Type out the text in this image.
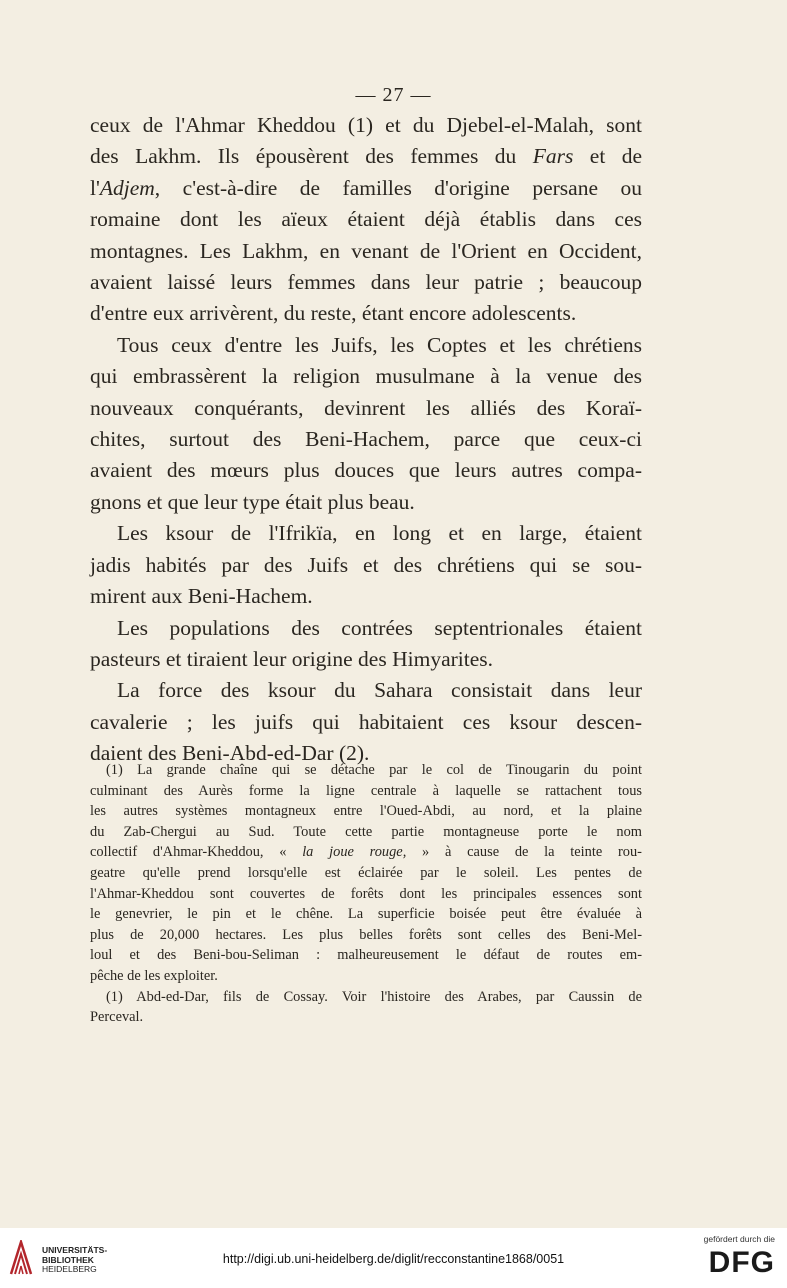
— 27 —

ceux de l'Ahmar Kheddou (1) et du Djebel-el-Malah, sont
des Lakhm. Ils épousèrent des femmes du Fars et de
l'Adjem, c'est-à-dire de familles d'origine persane ou
romaine dont les aïeux étaient déjà établis dans ces
montagnes. Les Lakhm, en venant de l'Orient en Occident,
avaient laissé leurs femmes dans leur patrie ; beaucoup
d'entre eux arrivèrent, du reste, étant encore adolescents.

Tous ceux d'entre les Juifs, les Coptes et les chrétiens
qui embrassèrent la religion musulmane à la venue des
nouveaux conquérants, devinrent les alliés des Koraï-
chites, surtout des Beni-Hachem, parce que ceux-ci
avaient des mœurs plus douces que leurs autres compa-
gnons et que leur type était plus beau.

Les ksour de l'Ifrikïa, en long et en large, étaient
jadis habités par des Juifs et des chrétiens qui se sou-
mirent aux Beni-Hachem.

Les populations des contrées septentrionales étaient
pasteurs et tiraient leur origine des Himyarites.

La force des ksour du Sahara consistait dans leur
cavalerie ; les juifs qui habitaient ces ksour descen-
daient des Beni-Abd-ed-Dar (2).

(1) La grande chaîne qui se détache par le col de Tinougarin du point
culminant des Aurès forme la ligne centrale à laquelle se rattachent tous
les autres systèmes montagneux entre l'Oued-Abdi, au nord, et la plaine
du Zab-Chergui au Sud. Toute cette partie montagneuse porte le nom
collectif d'Ahmar-Kheddou, « la joue rouge, » à cause de la teinte rou-
geatre qu'elle prend lorsqu'elle est éclairée par le soleil. Les pentes de
l'Ahmar-Kheddou sont couvertes de forêts dont les principales essences sont
le genevrier, le pin et le chêne. La superficie boisée peut être évaluée à
plus de 20,000 hectares. Les plus belles forêts sont celles des Beni-Mel-
loul et des Beni-bou-Seliman : malheureusement le défaut de routes em-
pêche de les exploiter.

(1) Abd-ed-Dar, fils de Cossay. Voir l'histoire des Arabes, par Caussin de
Perceval.

UNIVERSITÄTS-
BIBLIOTHEK
HEIDELBERG
http://digi.ub.uni-heidelberg.de/diglit/recconstantine1868/0051
gefördert durch die
DFG
